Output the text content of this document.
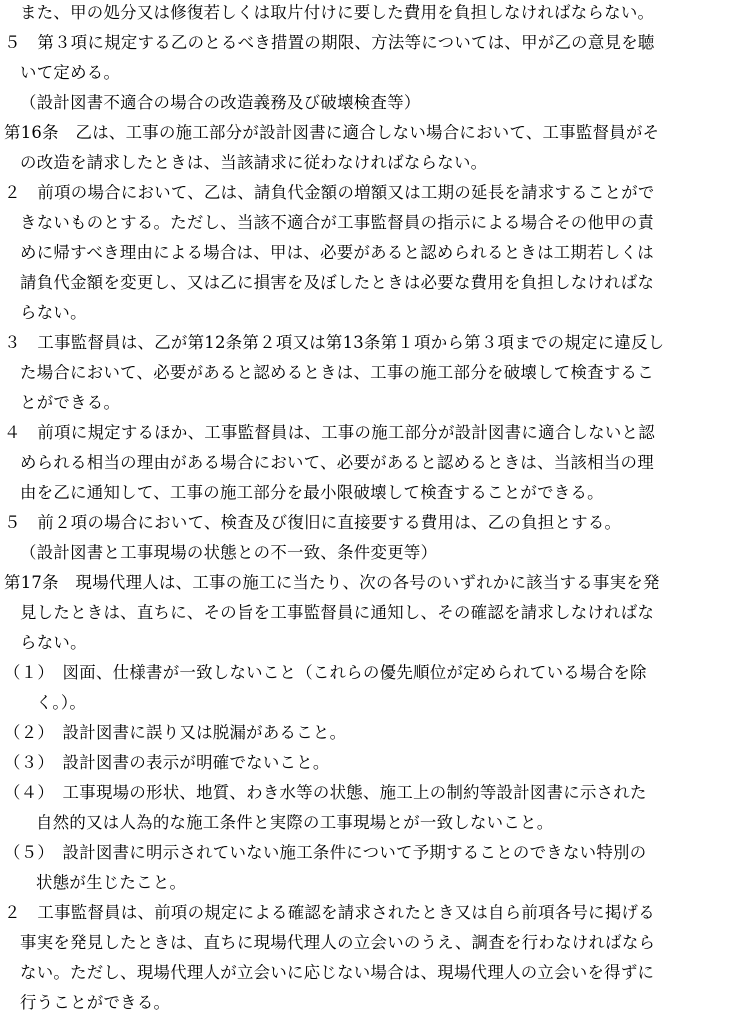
また、甲の処分又は修復若しくは取片付けに要した費用を負担しなければならない。
５　第３項に規定する乙のとるべき措置の期限、方法等については、甲が乙の意見を聴
いて定める。
（設計図書不適合の場合の改造義務及び破壊検査等）
第16条　乙は、工事の施工部分が設計図書に適合しない場合において、工事監督員がそ
の改造を請求したときは、当該請求に従わなければならない。
２　前項の場合において、乙は、請負代金額の増額又は工期の延長を請求することがで
きないものとする。ただし、当該不適合が工事監督員の指示による場合その他甲の責
めに帰すべき理由による場合は、甲は、必要があると認められるときは工期若しくは
請負代金額を変更し、又は乙に損害を及ぼしたときは必要な費用を負担しなければな
らない。
３　工事監督員は、乙が第12条第２項又は第13条第１項から第３項までの規定に違反し
た場合において、必要があると認めるときは、工事の施工部分を破壊して検査するこ
とができる。
４　前項に規定するほか、工事監督員は、工事の施工部分が設計図書に適合しないと認
められる相当の理由がある場合において、必要があると認めるときは、当該相当の理
由を乙に通知して、工事の施工部分を最小限破壊して検査することができる。
５　前２項の場合において、検査及び復旧に直接要する費用は、乙の負担とする。
（設計図書と工事現場の状態との不一致、条件変更等）
第17条　現場代理人は、工事の施工に当たり、次の各号のいずれかに該当する事実を発
見したときは、直ちに、その旨を工事監督員に通知し、その確認を請求しなければな
らない。
（１）　図面、仕様書が一致しないこと（これらの優先順位が定められている場合を除
く。）。
（２）　設計図書に誤り又は脱漏があること。
（３）　設計図書の表示が明確でないこと。
（４）　工事現場の形状、地質、わき水等の状態、施工上の制約等設計図書に示された
自然的又は人為的な施工条件と実際の工事現場とが一致しないこと。
（５）　設計図書に明示されていない施工条件について予期することのできない特別の
状態が生じたこと。
２　工事監督員は、前項の規定による確認を請求されたとき又は自ら前項各号に掲げる
事実を発見したときは、直ちに現場代理人の立会いのうえ、調査を行わなければなら
ない。ただし、現場代理人が立会いに応じない場合は、現場代理人の立会いを得ずに
行うことができる。
